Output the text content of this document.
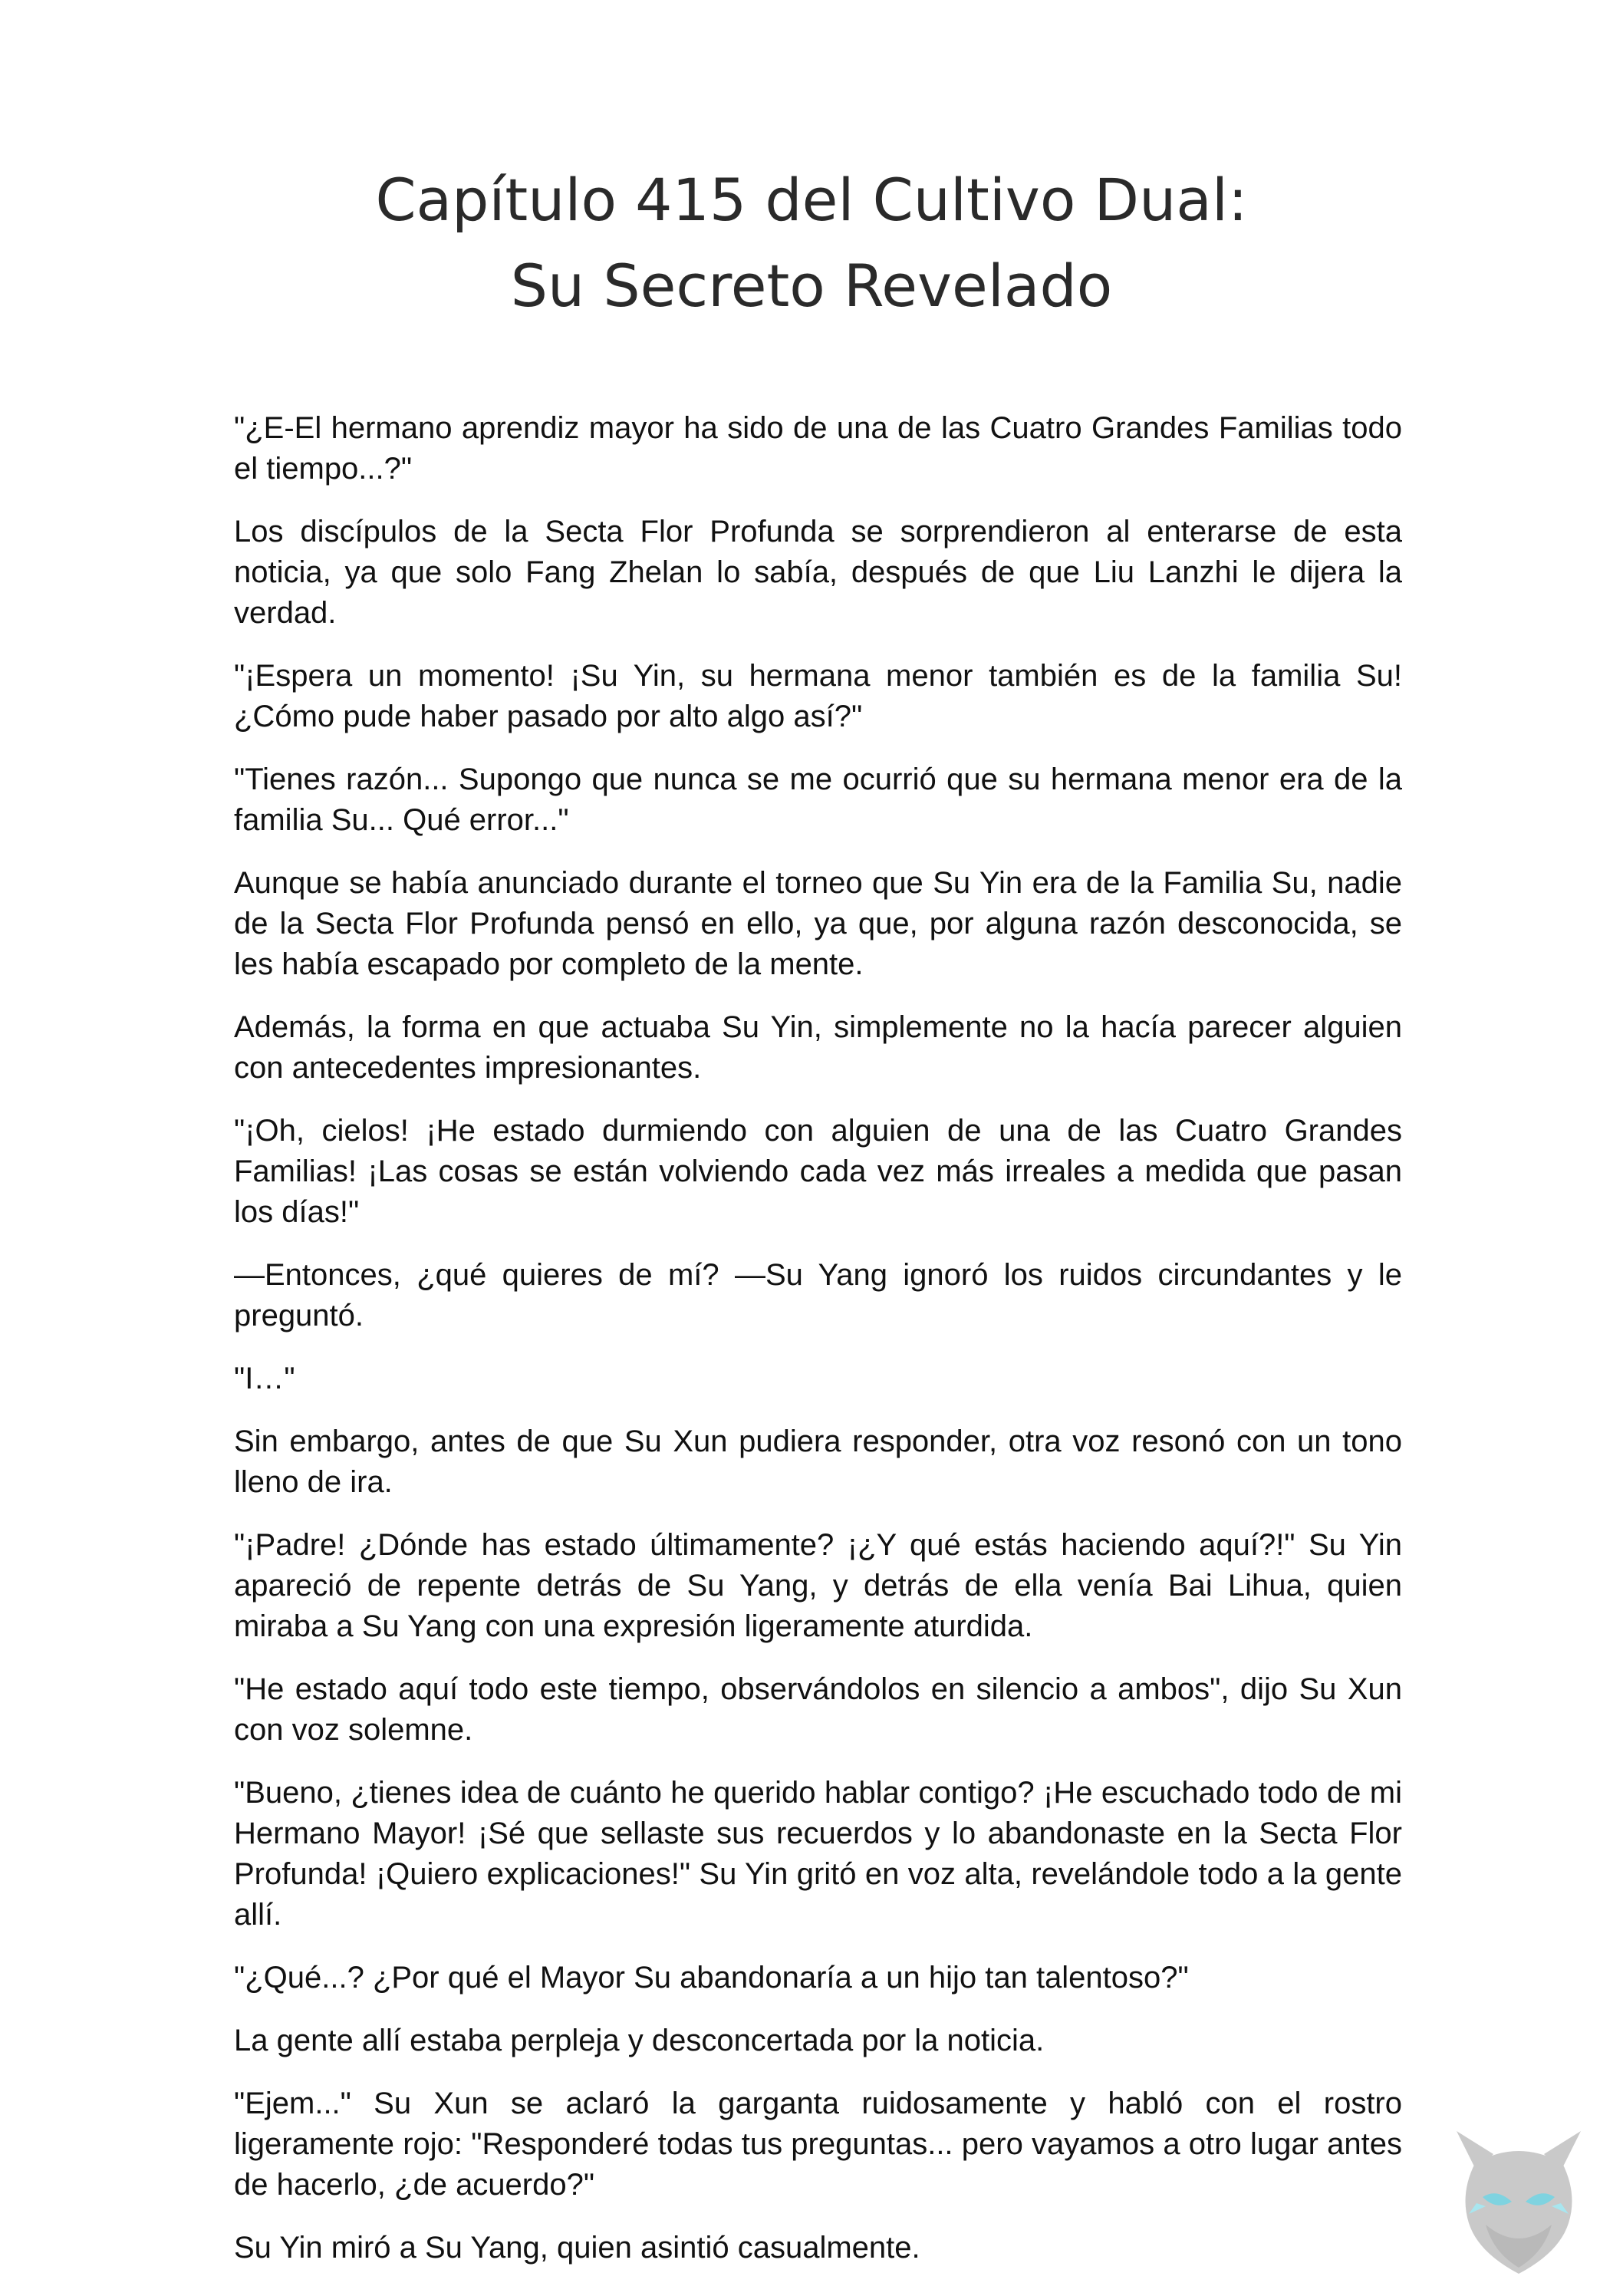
Capítulo 415 del Cultivo Dual:
Su Secreto Revelado

"¿E-El hermano aprendiz mayor ha sido de una de las Cuatro Grandes Familias todo el tiempo...?"

Los discípulos de la Secta Flor Profunda se sorprendieron al enterarse de esta noticia, ya que solo Fang Zhelan lo sabía, después de que Liu Lanzhi le dijera la verdad.

"¡Espera un momento! ¡Su Yin, su hermana menor también es de la familia Su! ¿Cómo pude haber pasado por alto algo así?"

"Tienes razón... Supongo que nunca se me ocurrió que su hermana menor era de la familia Su... Qué error..."

Aunque se había anunciado durante el torneo que Su Yin era de la Familia Su, nadie de la Secta Flor Profunda pensó en ello, ya que, por alguna razón desconocida, se les había escapado por completo de la mente.

Además, la forma en que actuaba Su Yin, simplemente no la hacía parecer alguien con antecedentes impresionantes.

"¡Oh, cielos! ¡He estado durmiendo con alguien de una de las Cuatro Grandes Familias! ¡Las cosas se están volviendo cada vez más irreales a medida que pasan los días!"

—Entonces, ¿qué quieres de mí? —Su Yang ignoró los ruidos circundantes y le preguntó.

"I…"

Sin embargo, antes de que Su Xun pudiera responder, otra voz resonó con un tono lleno de ira.

"¡Padre! ¿Dónde has estado últimamente? ¡¿Y qué estás haciendo aquí?!" Su Yin apareció de repente detrás de Su Yang, y detrás de ella venía Bai Lihua, quien miraba a Su Yang con una expresión ligeramente aturdida.

"He estado aquí todo este tiempo, observándolos en silencio a ambos", dijo Su Xun con voz solemne.

"Bueno, ¿tienes idea de cuánto he querido hablar contigo? ¡He escuchado todo de mi Hermano Mayor! ¡Sé que sellaste sus recuerdos y lo abandonaste en la Secta Flor Profunda! ¡Quiero explicaciones!" Su Yin gritó en voz alta, revelándole todo a la gente allí.

"¿Qué...? ¿Por qué el Mayor Su abandonaría a un hijo tan talentoso?"

La gente allí estaba perpleja y desconcertada por la noticia.

"Ejem..." Su Xun se aclaró la garganta ruidosamente y habló con el rostro ligeramente rojo: "Responderé todas tus preguntas... pero vayamos a otro lugar antes de hacerlo, ¿de acuerdo?"

Su Yin miró a Su Yang, quien asintió casualmente.
